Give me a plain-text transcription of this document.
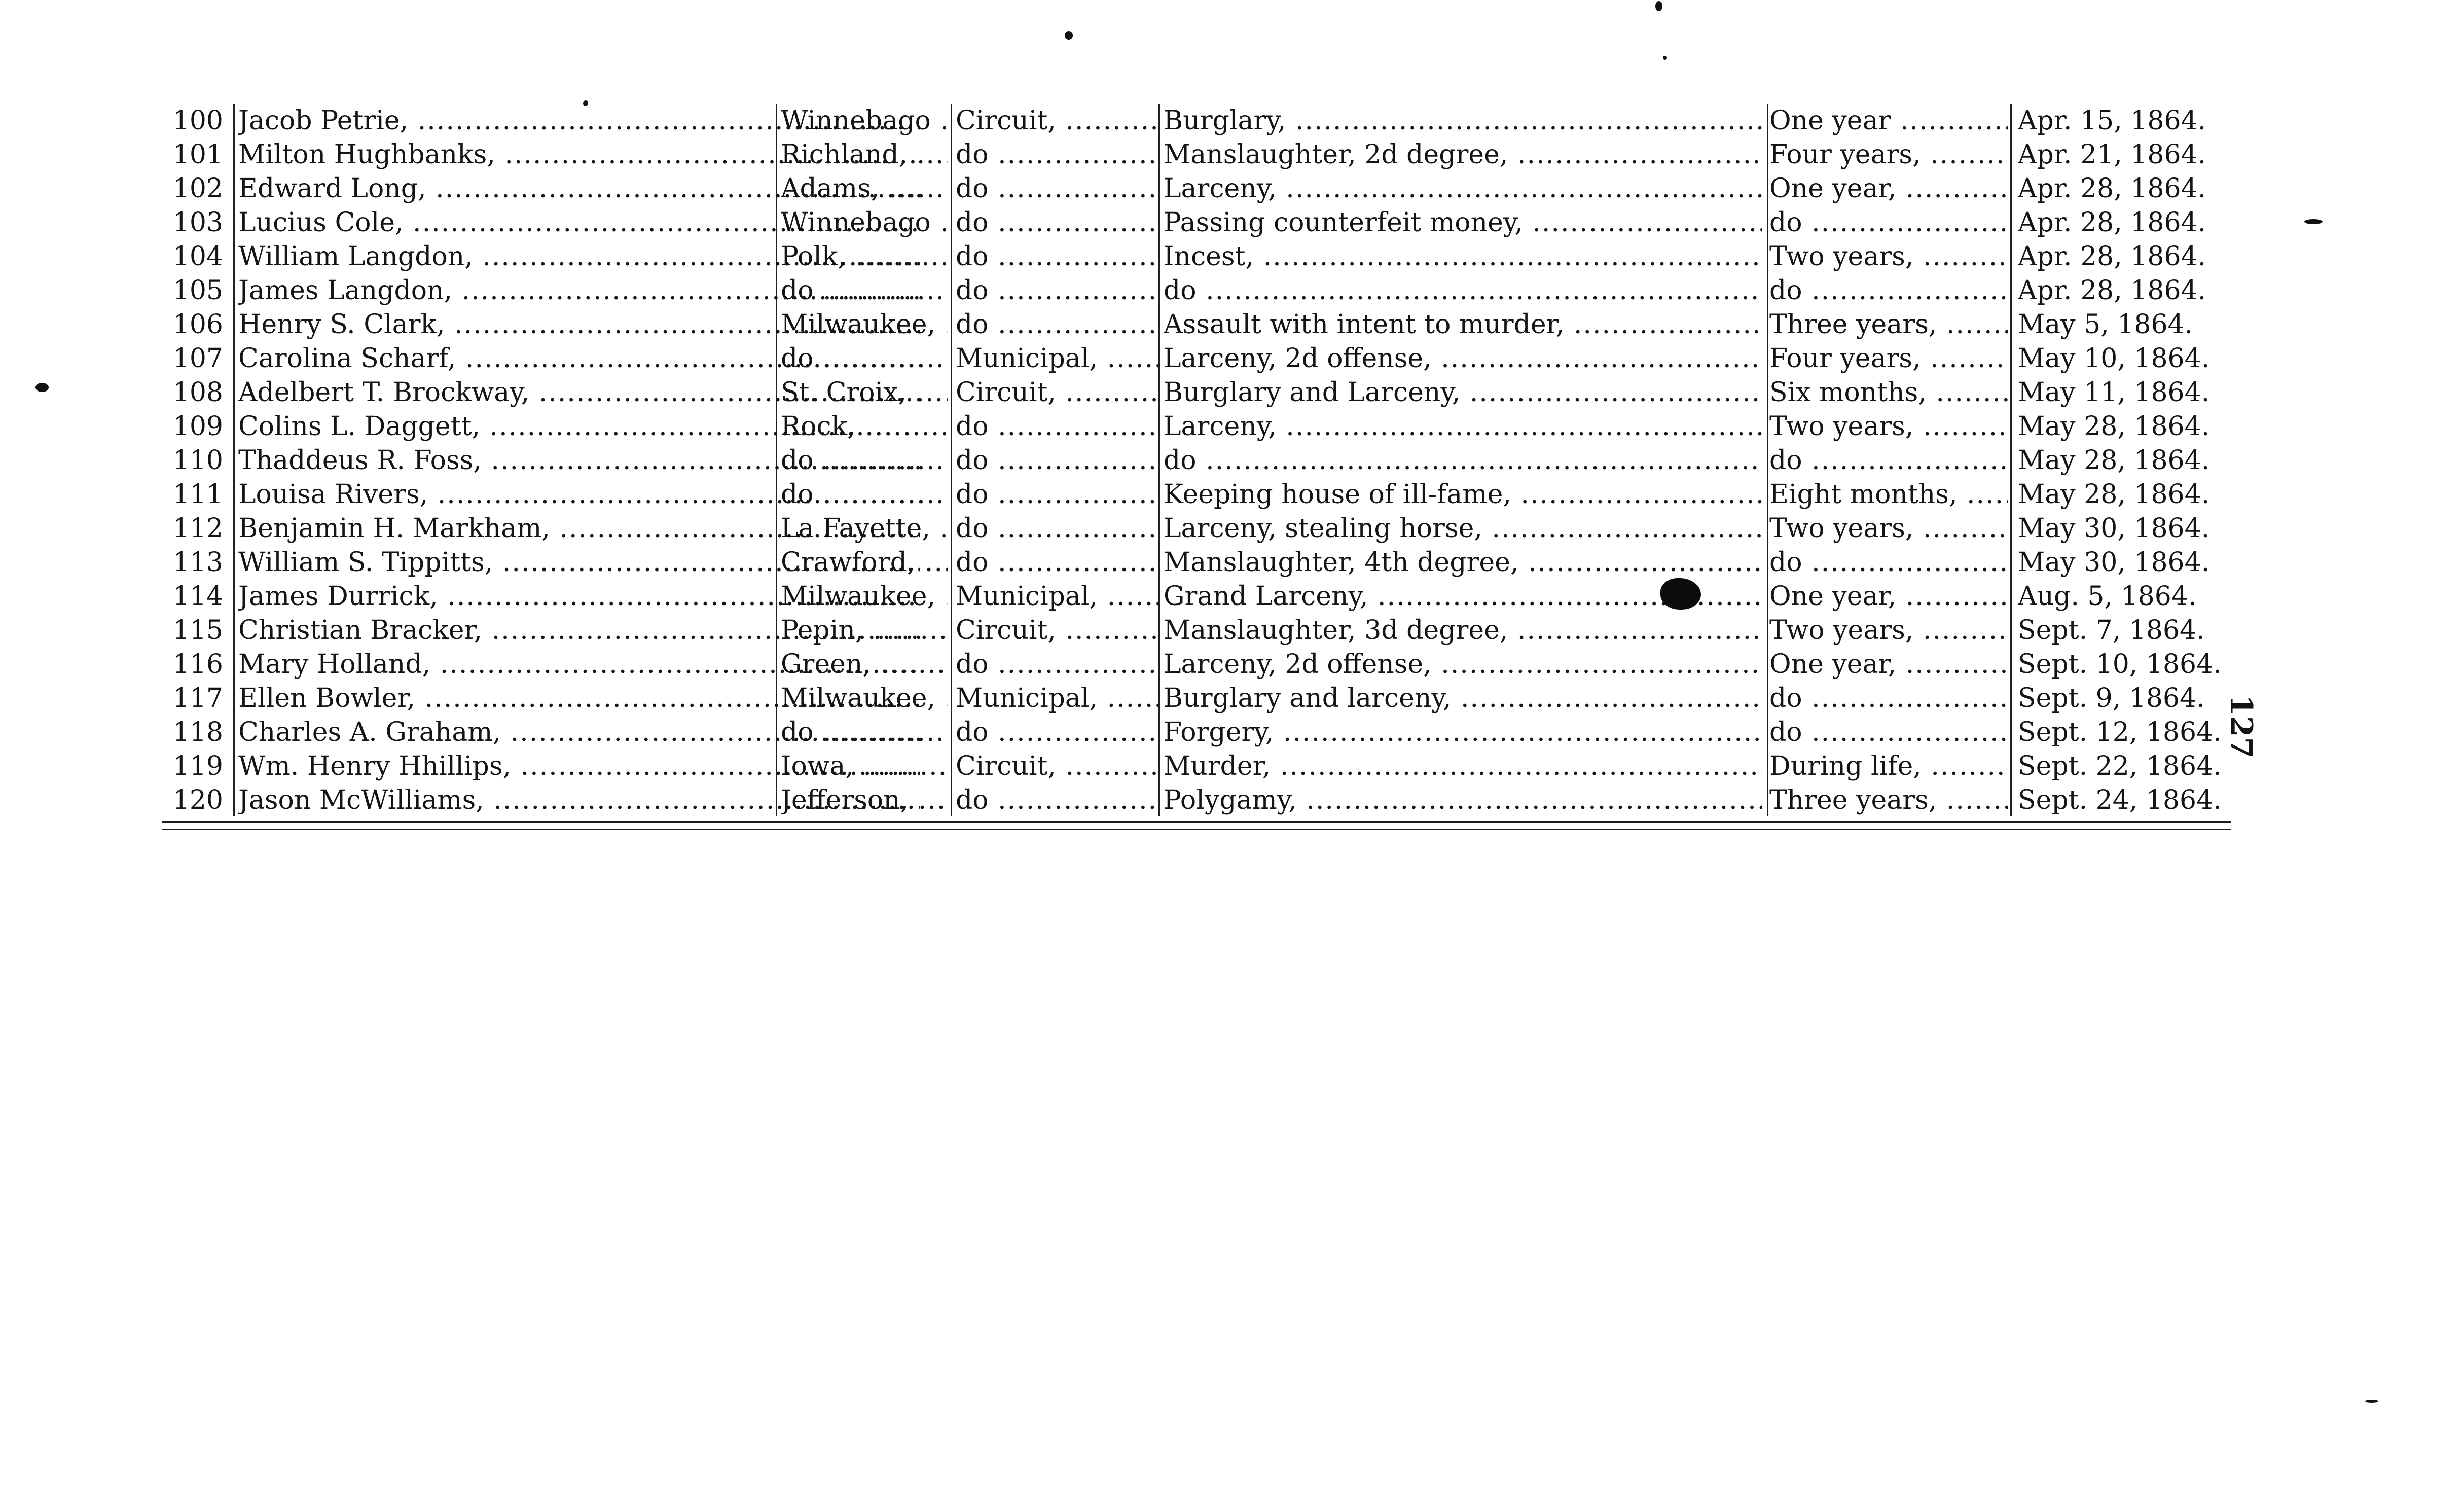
100 Jacob Petrie, .....	Winnebago ..... Circuit, .....	Burglary, .....	One year .....	Apr. 15, 1864.
101 Milton Hughbanks, .....	Richland, .....	do .....	Manslaughter, 2d degree, .....	Four years, .....	Apr. 21, 1864.
102 Edward Long, .....	Adams, .....	do .....	Larceny, .....	One year, .....	Apr. 28, 1864.
103 Lucius Cole, .....	Winnebago ..... do .....	Passing counterfeit money, .....	do .....	Apr. 28, 1864.
104 William Langdon, .....	Polk, .....	do .....	Incest, .....	Two years, .....	Apr. 28, 1864.
105 James Langdon, .....	do .....	do .....	do .....	do .....	Apr. 28, 1864.
106 Henry S. Clark, .....	Milwaukee, ..... do .....	Assault with intent to murder, .....	Three years, .....	May 5, 1864.
107 Carolina Scharf, .....	do .....	Municipal, .....	Larceny, 2d offense, .....	Four years, .....	May 10, 1864.
108 Adelbert T. Brockway, .....	St. Croix, .....	Circuit, .....	Burglary and Larceny, .....	Six months, .....	May 11, 1864.
109 Colins L. Daggett, .....	Rock, .....	do .....	Larceny, .....	Two years, .....	May 28, 1864.
110 Thaddeus R. Foss, .....	do .....	do .....	do .....	do .....	May 28, 1864.
111 Louisa Rivers, .....	do .....	do .....	Keeping house of ill-fame, .....	Eight months, .....	May 28, 1864.
112 Benjamin H. Markham, .....	La Fayette, ..... do .....	Larceny, stealing horse, .....	Two years, .....	May 30, 1864.
113 William S. Tippitts, .....	Crawford, .....	do .....	Manslaughter, 4th degree, .....	do .....	May 30, 1864.
114 James Durrick, .....	Milwaukee, ..... Municipal, .....	Grand Larceny, .....	One year, .....	Aug. 5, 1864.
115 Christian Bracker, .....	Pepin, .....	Circuit, .....	Manslaughter, 3d degree, .....	Two years, .....	Sept. 7, 1864.
116 Mary Holland, .....	Green, .....	do .....	Larceny, 2d offense, .....	One year, .....	Sept. 10, 1864.
117 Ellen Bowler, .....	Milwaukee, ..... Municipal, .....	Burglary and larceny, .....	do .....	Sept. 9, 1864.
118 Charles A. Graham, .....	do .....	do .....	Forgery, .....	do .....	Sept. 12, 1864.
119 Wm. Henry Hhillips, .....	Iowa, .....	Circuit, .....	Murder, .....	During life, .....	Sept. 22, 1864.
120 Jason McWilliams, .....	Jefferson, .....	do .....	Polygamy, .....	Three years, .....	Sept. 24, 1864.
127
